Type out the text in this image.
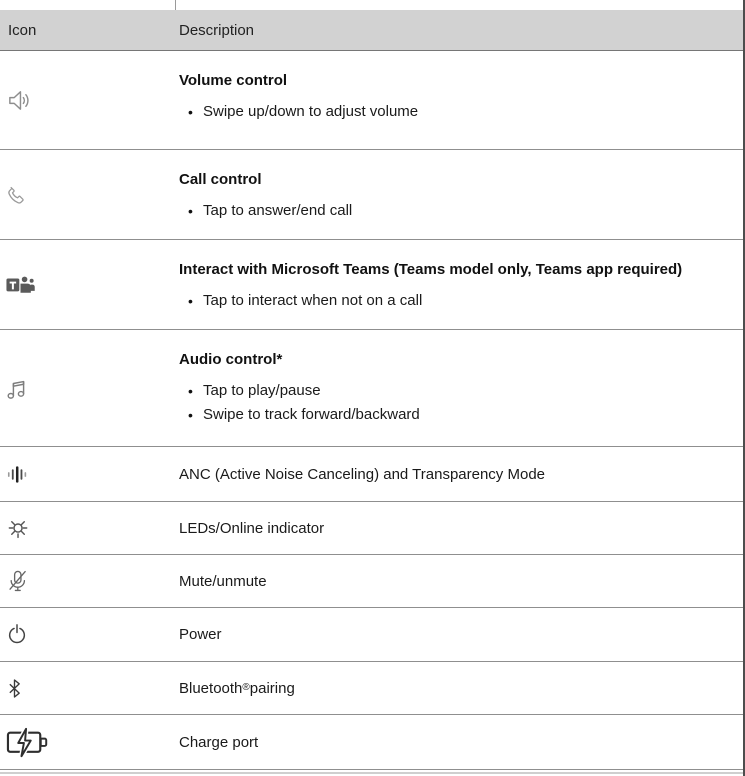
Icon	Description
Volume control
• Swipe up/down to adjust volume
Call control
• Tap to answer/end call
Interact with Microsoft Teams (Teams model only, Teams app required)
• Tap to interact when not on a call
Audio control*
• Tap to play/pause
• Swipe to track forward/backward
ANC (Active Noise Canceling) and Transparency Mode
LEDs/Online indicator
Mute/unmute
Power
Bluetooth ® pairing
Charge port
